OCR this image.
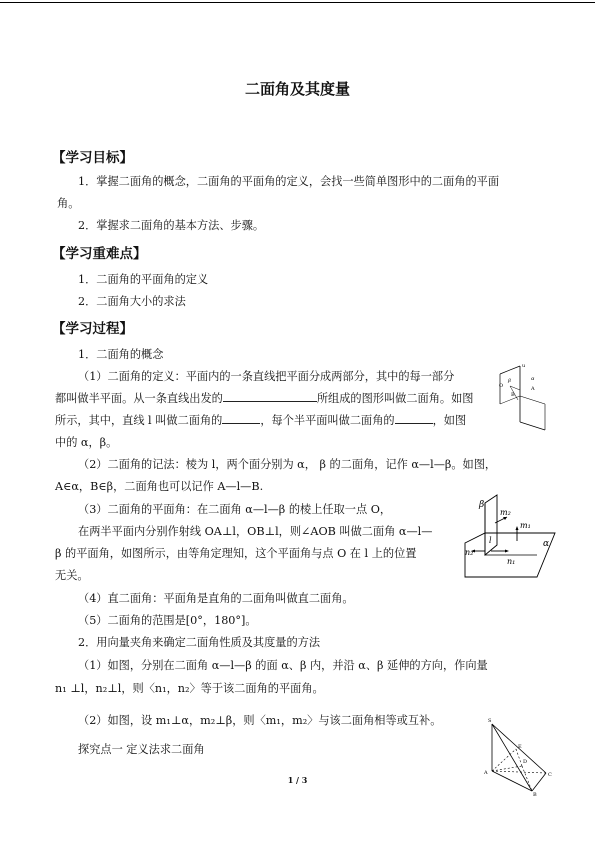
二面角及其度量
【学习目标】
1．掌握二面角的概念，二面角的平面角的定义，会找一些简单图形中的二面角的平面
角。
2．掌握求二面角的基本方法、步骤。
【学习重难点】
1．二面角的平面角的定义
2．二面角大小的求法
【学习过程】
1．二面角的概念
（1）二面角的定义：平面内的一条直线把平面分成两部分，其中的每一部分
都叫做半平面。从一条直线出发的	所组成的图形叫做二面角。如图
所示，其中，直线 l 叫做二面角的	，每个半平面叫做二面角的	，如图
中的 α，β。
（2）二面角的记法：棱为 l，两个面分别为 α， β 的二面角，记作 α—l—β。如图，
A∈α，B∈β，二面角也可以记作 A—l—B.
（3）二面角的平面角：在二面角 α—l—β 的棱上任取一点 O，
在两半平面内分别作射线 OA⊥l，OB⊥l，则∠AOB 叫做二面角 α—l—
β 的平面角，如图所示，由等角定理知，这个平面角与点 O 在 l 上的位置
无关。
（4）直二面角：平面角是直角的二面角叫做直二面角。
（5）二面角的范围是[0°，180°]。
2．用向量夹角来确定二面角性质及其度量的方法
（1）如图，分别在二面角 α—l—β 的面 α、β 内，并沿 α、β 延伸的方向，作向量
n₁ ⊥l，n₂⊥l，则〈n₁，n₂〉等于该二面角的平面角。
（2）如图，设 m₁⊥α，m₂⊥β，则〈m₁，m₂〉与该二面角相等或互补。
探究点一 定义法求二面角
u
β
A
O
B
α
β
m₂
m₁
l
n₂
n₁
α
S
E
D
A	C
B
1 / 3
